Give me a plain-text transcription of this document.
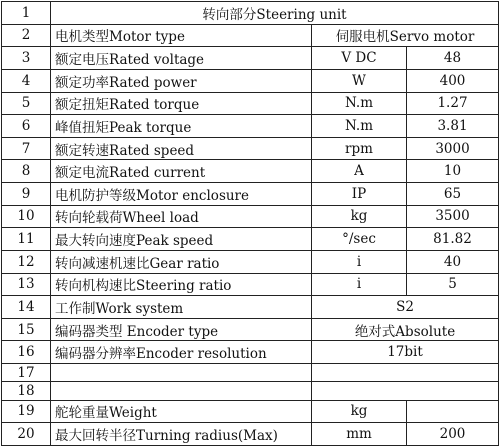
1	转向部分Steering unit		
2	电机类型Motor type	伺服电机Servo motor	
3	额定电压Rated voltage	V DC	48
4	额定功率Rated power	W	400
5	额定扭矩Rated torque	N.m	1.27
6	峰值扭矩Peak torque	N.m	3.81
7	额定转速Rated speed	rpm	3000
8	额定电流Rated current	A	10
9	电机防护等级Motor enclosure	IP	65
10	转向轮载荷Wheel load	kg	3500
11	最大转向速度Peak speed	°/sec	81.82
12	转向减速机速比Gear ratio	i	40
13	转向机构速比Steering ratio	i	5
14	工作制Work system	S2	
15	编码器类型 Encoder type	绝对式Absolute	
16	编码器分辨率Encoder resolution	17bit	
17			
18			
19	舵轮重量Weight	kg	
20	最大回转半径Turning radius(Max)	mm	200
